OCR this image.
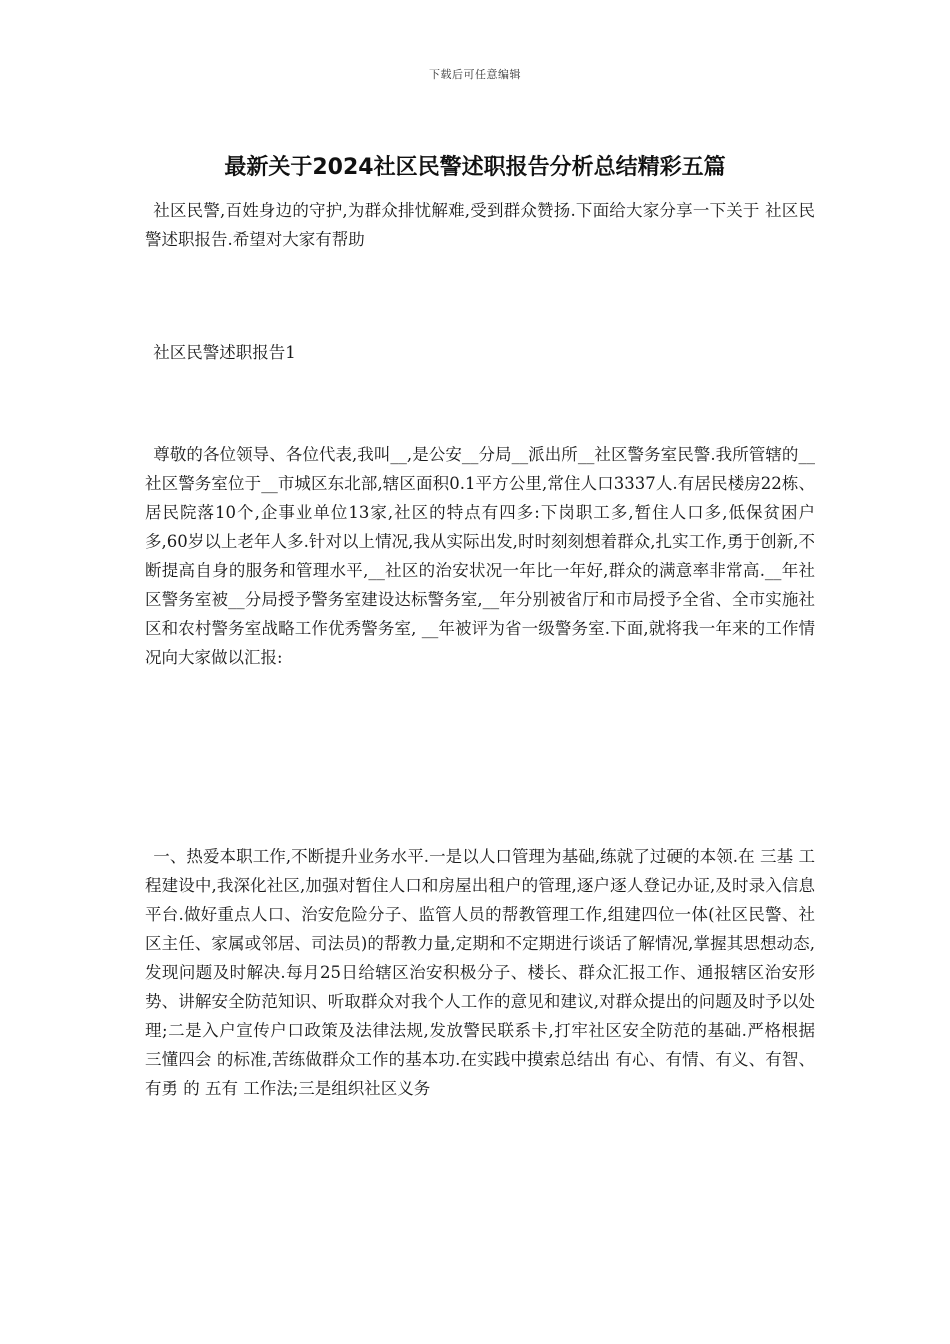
下载后可任意编辑
最新关于2024社区民警述职报告分析总结精彩五篇

社区民警,百姓身边的守护,为群众排忧解难,受到群众赞扬.下面给大家分享一下关于 社区民警述职报告.希望对大家有帮助

社区民警述职报告1

尊敬的各位领导、各位代表,我叫__,是公安__分局__派出所__社区警务室民警.我所管辖的__社区警务室位于__市城区东北部,辖区面积0.1平方公里,常住人口3337人.有居民楼房22栋、居民院落10个,企事业单位13家,社区的特点有四多:下岗职工多,暂住人口多,低保贫困户多,60岁以上老年人多.针对以上情况,我从实际出发,时时刻刻想着群众,扎实工作,勇于创新,不断提高自身的服务和管理水平,__社区的治安状况一年比一年好,群众的满意率非常高.__年社区警务室被__分局授予警务室建设达标警务室,__年分别被省厅和市局授予全省、全市实施社区和农村警务室战略工作优秀警务室, __年被评为省一级警务室.下面,就将我一年来的工作情况向大家做以汇报:

一、热爱本职工作,不断提升业务水平.一是以人口管理为基础,练就了过硬的本领.在 三基 工程建设中,我深化社区,加强对暂住人口和房屋出租户的管理,逐户逐人登记办证,及时录入信息平台.做好重点人口、治安危险分子、监管人员的帮教管理工作,组建四位一体(社区民警、社区主任、家属或邻居、司法员)的帮教力量,定期和不定期进行谈话了解情况,掌握其思想动态,发现问题及时解决.每月25日给辖区治安积极分子、楼长、群众汇报工作、通报辖区治安形势、讲解安全防范知识、听取群众对我个人工作的意见和建议,对群众提出的问题及时予以处理;二是入户宣传户口政策及法律法规,发放警民联系卡,打牢社区安全防范的基础.严格根据 三懂四会 的标准,苦练做群众工作的基本功.在实践中摸索总结出 有心、有情、有义、有智、有勇 的 五有 工作法;三是组织社区义务
